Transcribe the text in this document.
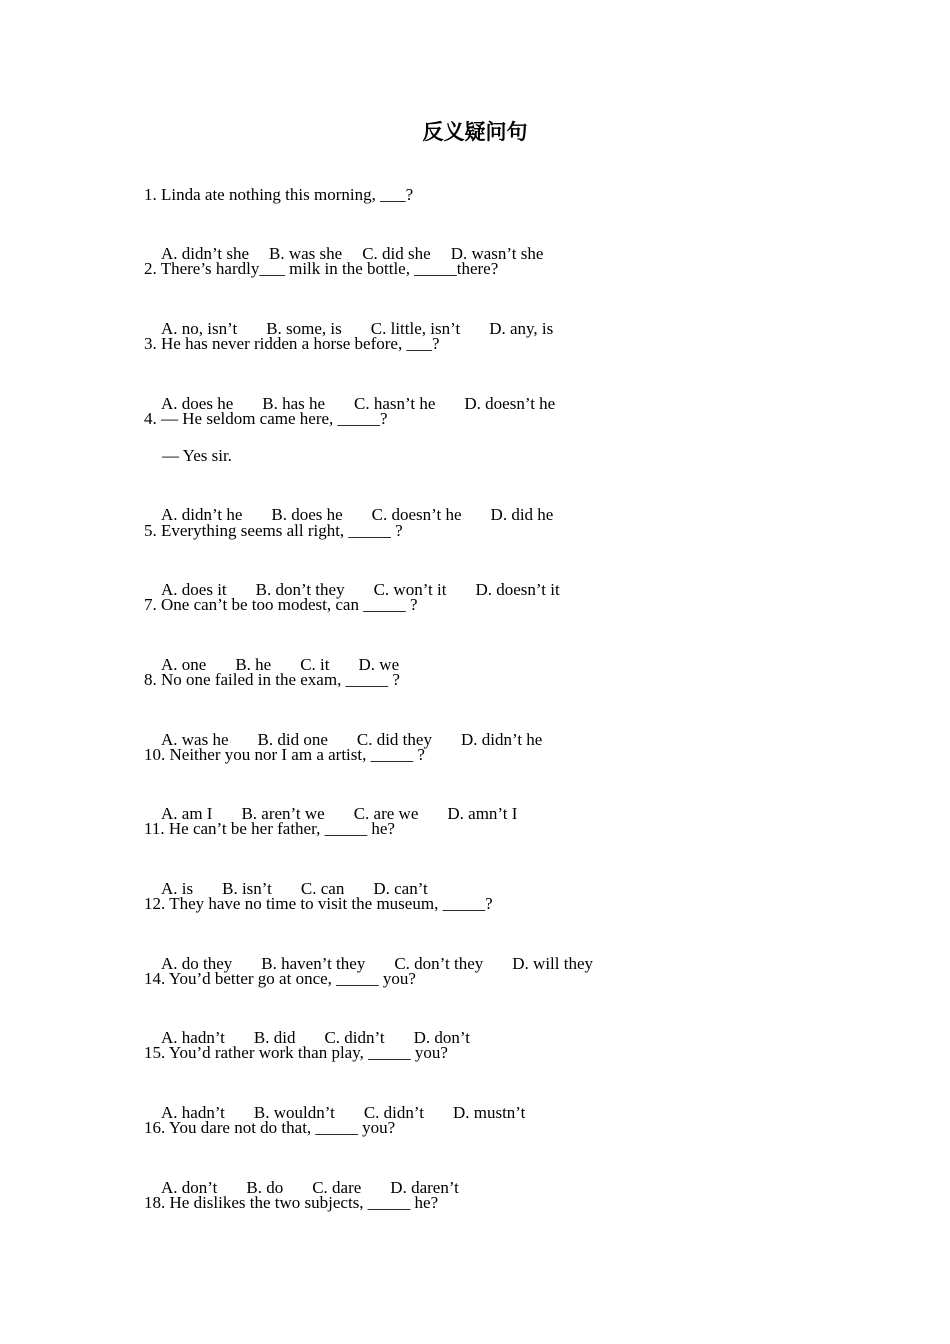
反义疑问句
1. Linda ate nothing this morning, ___?

A. didn’t she B. was she C. did she D. wasn’t she

2. There’s hardly___ milk in the bottle, _____there?

A. no, isn’t B. some, is C. little, isn’t D. any, is

3. He has never ridden a horse before, ___?

A. does he B. has he C. hasn’t he D. doesn’t he

4. — He seldom came here, _____?
— Yes sir.

A. didn’t he B. does he C. doesn’t he D. did he

5. Everything seems all right, _____ ?

A. does it B. don’t they C. won’t it D. doesn’t it

7. One can’t be too modest, can _____ ?

A. one B. he C. it D. we

8. No one failed in the exam, _____ ?

A. was he B. did one C. did they D. didn’t he

10. Neither you nor I am a artist, _____ ?

A. am I B. aren’t we C. are we D. amn’t I

11. He can’t be her father, _____ he?

A. is B. isn’t C. can D. can’t

12. They have no time to visit the museum, _____?

A. do they B. haven’t they C. don’t they D. will they

14. You’d better go at once, _____ you?

A. hadn’t B. did C. didn’t D. don’t

15. You’d rather work than play, _____ you?

A. hadn’t B. wouldn’t C. didn’t D. mustn’t

16. You dare not do that, _____ you?

A. don’t B. do C. dare D. daren’t

18. He dislikes the two subjects, _____ he?
